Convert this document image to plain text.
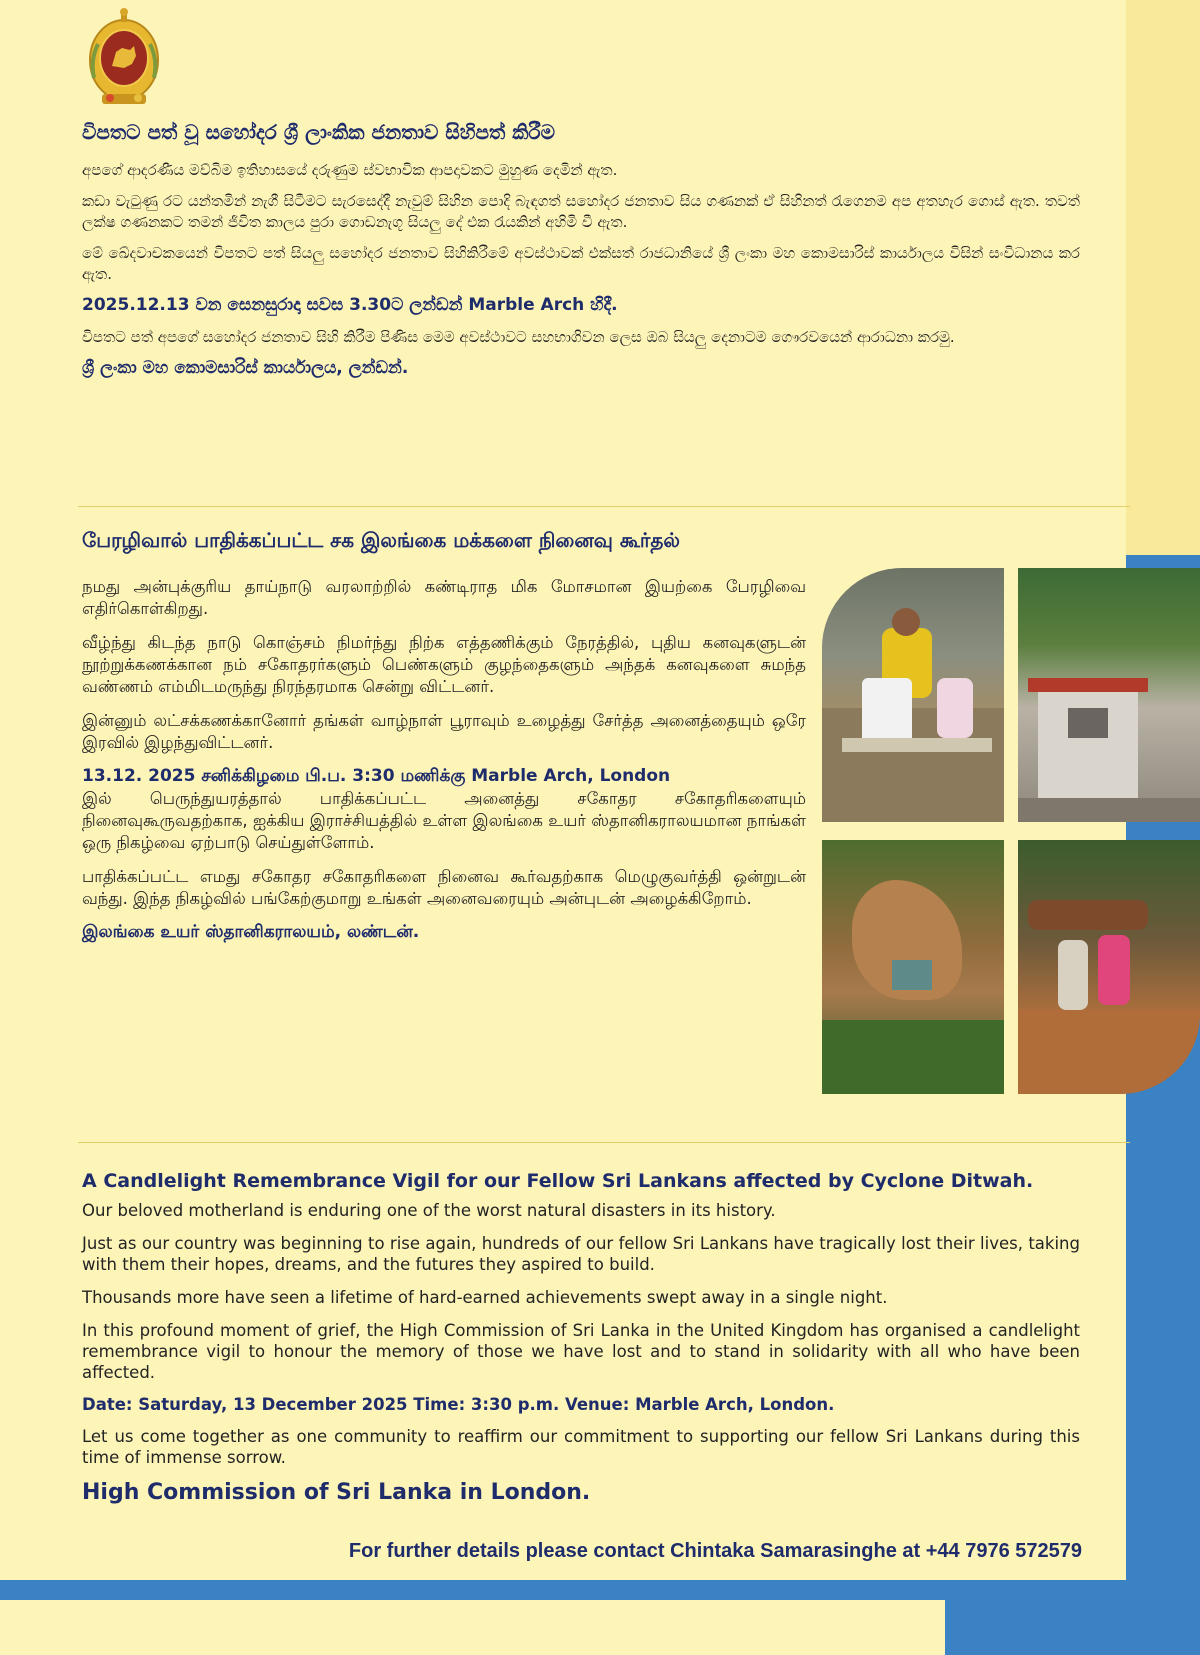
විපතට පත් වූ සහෝදර ශ්‍රී ලාංකික ජනතාව සිහිපත් කිරීම

අපගේ ආදරණීය මව්බිම ඉතිහාසයේ දරුණුම ස්වභාවික ආපදාවකට මුහුණ දෙමින් ඇත.

කඩා වැටුණු රට යන්තමින් නැගී සිටීමට සැරසෙද්දී නැවුම් සිහින පොදි බැඳගත් සහෝදර ජනතාව සිය ගණනක් ඒ සිහිනත් රැගෙනම අප අතහැර ගොස් ඇත. තවත් ලක්ෂ ගණනකට තමන් ජීවිත කාලය පුරා ගොඩනැගූ සියලු දේ එක රැයකින් අහිමි වී ඇත.

මේ ඛේදවාචකයෙන් විපතට පත් සියලු සහෝදර ජනතාව සිහිකිරීමේ අවස්ථාවක් එක්සත් රාජධානියේ ශ්‍රී ලංකා මහ කොමසාරිස් කාර්යාලය විසින් සංවිධානය කර ඇත.

2025.12.13 වන සෙනසුරාදා සවස 3.30ට ලන්ඩන් Marble Arch හිදී.

විපතට පත් අපගේ සහෝදර ජනතාව සිහි කිරීම පිණිස මෙම අවස්ථාවට සහභාගිවන ලෙස ඔබ සියලු දෙනාටම ගෞරවයෙන් ආරාධනා කරමු.

ශ්‍රී ලංකා මහ කොමසාරිස් කාර්යාලය, ලන්ඩන්.

பேரழிவால் பாதிக்கப்பட்ட சக இலங்கை மக்களை நினைவு கூர்தல்

நமது அன்புக்குரிய தாய்நாடு வரலாற்றில் கண்டிராத மிக மோசமான இயற்கை பேரழிவை எதிர்கொள்கிறது.

வீழ்ந்து கிடந்த நாடு கொஞ்சம் நிமர்ந்து நிற்க எத்தணிக்கும் நேரத்தில், புதிய கனவுகளுடன் நூற்றுக்கணக்கான நம் சகோதரர்களும் பெண்களும் குழந்தைகளும் அந்தக் கனவுகளை சுமந்த வண்ணம் எம்மிடமருந்து நிரந்தரமாக சென்று விட்டனர்.

இன்னும் லட்சக்கணக்கானோர் தங்கள் வாழ்நாள் பூராவும் உழைத்து சேர்த்த அனைத்தையும் ஒரே இரவில் இழந்துவிட்டனர்.

13.12. 2025 சனிக்கிழமை பி.ப. 3:30 மணிக்கு Marble Arch, London

இல் பெருந்துயரத்தால் பாதிக்கப்பட்ட அனைத்து சகோதர சகோதரிகளையும் நினைவுகூருவதற்காக, ஐக்கிய இராச்சியத்தில் உள்ள இலங்கை உயர் ஸ்தானிகராலயமான நாங்கள் ஒரு நிகழ்வை ஏற்பாடு செய்துள்ளோம்.

பாதிக்கப்பட்ட எமது சகோதர சகோதரிகளை நினைவ கூர்வதற்காக மெழுகுவர்த்தி ஒன்றுடன் வந்து. இந்த நிகழ்வில் பங்கேற்குமாறு உங்கள் அனைவரையும் அன்புடன் அழைக்கிறோம்.

இலங்கை உயர் ஸ்தானிகராலயம், லண்டன்.

A Candlelight Remembrance Vigil for our Fellow Sri Lankans affected by Cyclone Ditwah.

Our beloved motherland is enduring one of the worst natural disasters in its history.

Just as our country was beginning to rise again, hundreds of our fellow Sri Lankans have tragically lost their lives, taking with them their hopes, dreams, and the futures they aspired to build.

Thousands more have seen a lifetime of hard-earned achievements swept away in a single night.

In this profound moment of grief, the High Commission of Sri Lanka in the United Kingdom has organised a candlelight remembrance vigil to honour the memory of those we have lost and to stand in solidarity with all who have been affected.

Date: Saturday, 13 December 2025 Time: 3:30 p.m. Venue: Marble Arch, London.

Let us come together as one community to reaffirm our commitment to supporting our fellow Sri Lankans during this time of immense sorrow.

High Commission of Sri Lanka in London.

For further details please contact Chintaka Samarasinghe at +44 7976 572579
